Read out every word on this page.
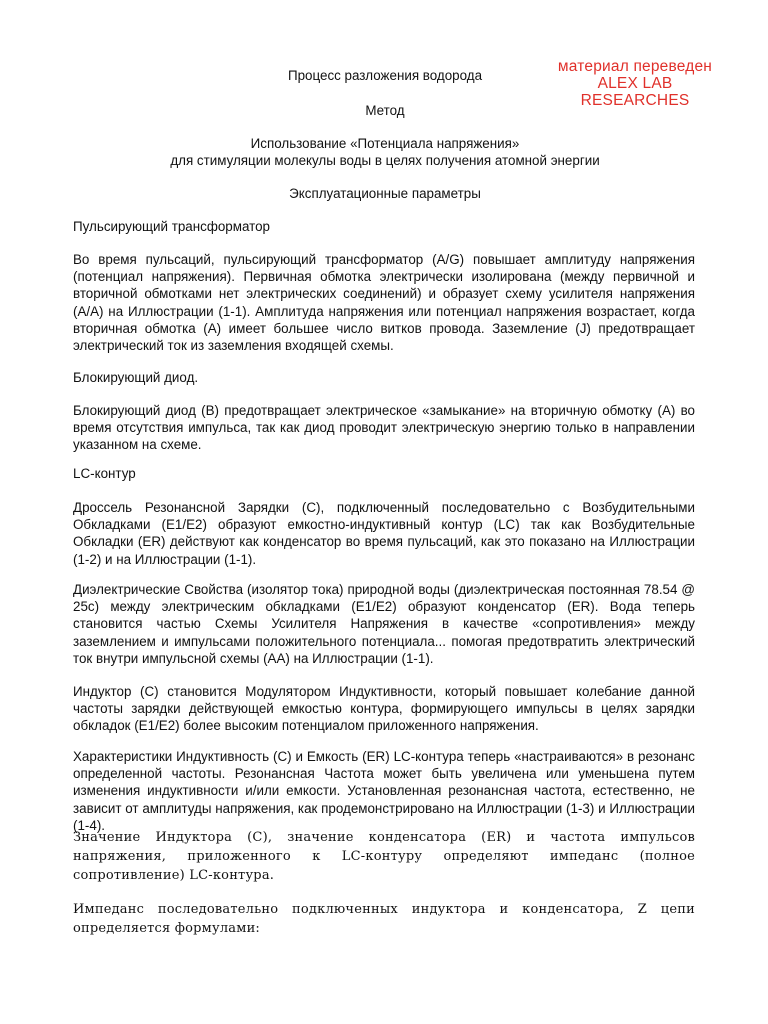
материал переведен
ALEX LAB
RESEARCHES
Процесс разложения водорода
Метод
Использование «Потенциала напряжения»
для стимуляции молекулы воды в целях получения атомной энергии
Эксплуатационные параметры
Пульсирующий трансформатор
Во время пульсаций, пульсирующий трансформатор (A/G) повышает амплитуду напряжения (потенциал напряжения). Первичная обмотка электрически изолирована (между первичной и вторичной обмотками нет электрических соединений) и образует схему усилителя напряжения (A/A) на Иллюстрации (1-1). Амплитуда напряжения или потенциал напряжения возрастает, когда вторичная обмотка (A) имеет большее число витков провода. Заземление (J) предотвращает электрический ток из заземления входящей схемы.
Блокирующий диод.
Блокирующий диод (B) предотвращает электрическое «замыкание» на вторичную обмотку (A) во время отсутствия импульса, так как диод проводит электрическую энергию только в направлении указанном на схеме.
LC-контур
Дроссель Резонансной Зарядки (C), подключенный последовательно с Возбудительными Обкладками (E1/E2) образуют емкостно-индуктивный контур (LC) так как Возбудительные Обкладки (ER) действуют как конденсатор во время пульсаций, как это показано на Иллюстрации (1-2) и на Иллюстрации (1-1).
Диэлектрические Свойства (изолятор тока) природной воды (диэлектрическая постоянная 78.54 @ 25c) между электрическим обкладками (E1/E2) образуют конденсатор (ER). Вода теперь становится частью Схемы Усилителя Напряжения в качестве «сопротивления» между заземлением и импульсами положительного потенциала... помогая предотвратить электрический ток внутри импульсной схемы (AA) на Иллюстрации (1-1).
Индуктор (C) становится Модулятором Индуктивности, который повышает колебание данной частоты зарядки действующей емкостью контура, формирующего импульсы в целях зарядки обкладок (E1/E2) более высоким потенциалом приложенного напряжения.
Характеристики Индуктивность (C) и Емкость (ER) LC-контура теперь «настраиваются» в резонанс определенной частоты. Резонансная Частота может быть увеличена или уменьшена путем изменения индуктивности и/или емкости. Установленная резонансная частота, естественно, не зависит от амплитуды напряжения, как продемонстрировано на Иллюстрации (1-3) и Иллюстрации (1-4).
Значение Индуктора (C), значение конденсатора (ER) и частота импульсов напряжения, приложенного к LC-контуру определяют импеданс (полное сопротивление) LC-контура.
Импеданс последовательно подключенных индуктора и конденсатора, Z цепи определяется формулами:
